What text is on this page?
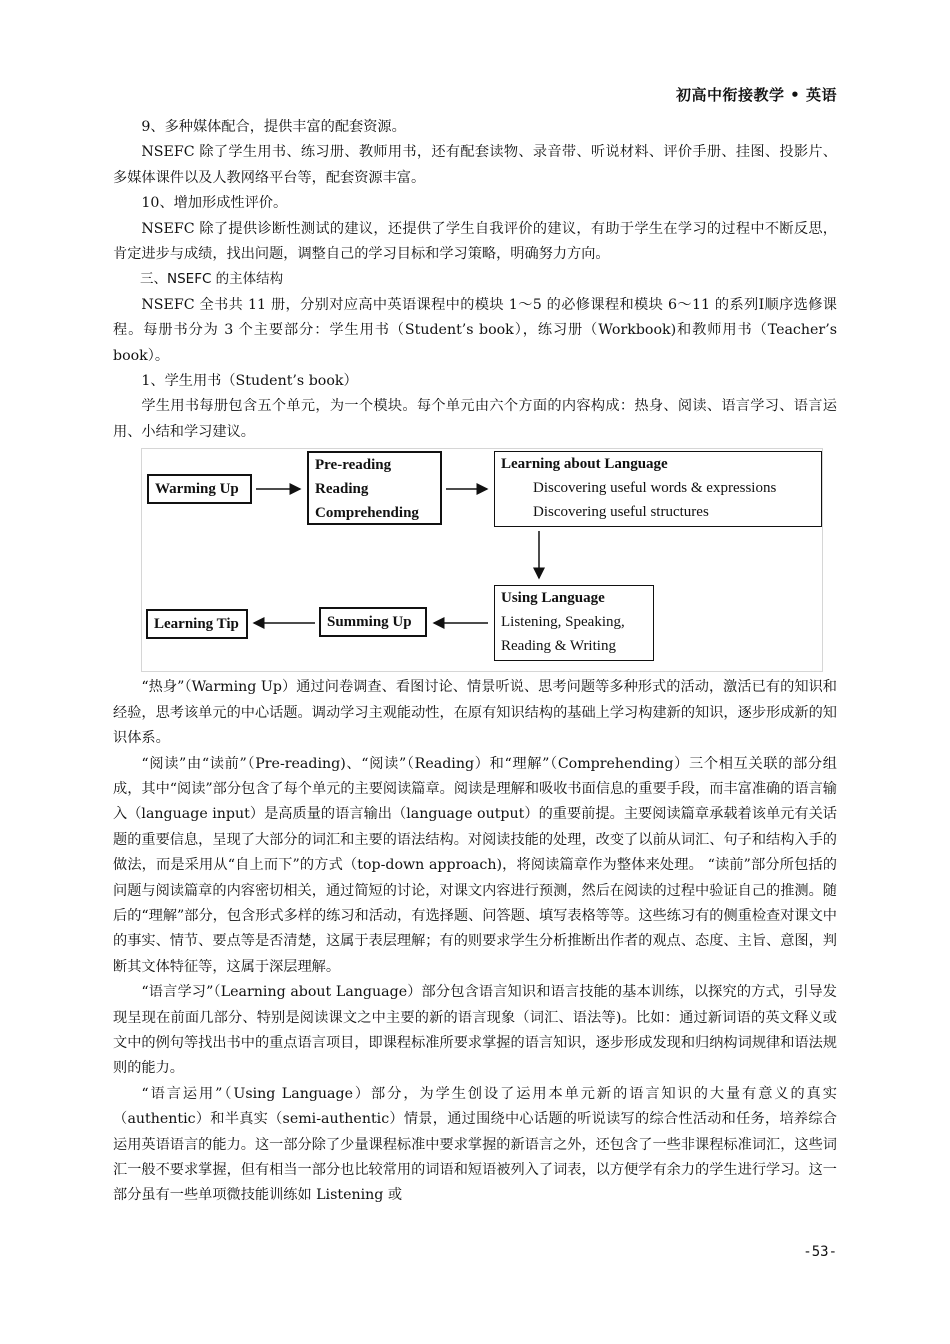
初高中衔接教学 • 英语

9、多种媒体配合，提供丰富的配套资源。

NSEFC 除了学生用书、练习册、教师用书，还有配套读物、录音带、听说材料、评价手册、挂图、投影片、多媒体课件以及人教网络平台等，配套资源丰富。

10、增加形成性评价。

NSEFC 除了提供诊断性测试的建议，还提供了学生自我评价的建议，有助于学生在学习的过程中不断反思，肯定进步与成绩，找出问题，调整自己的学习目标和学习策略，明确努力方向。

三、NSEFC 的主体结构

NSEFC 全书共 11 册，分别对应高中英语课程中的模块 1～5 的必修课程和模块 6～11 的系列Ⅰ顺序选修课程。每册书分为 3 个主要部分：学生用书（Student’s book），练习册（Workbook)和教师用书（Teacher’s book）。

1、学生用书（Student’s book）

学生用书每册包含五个单元，为一个模块。每个单元由六个方面的内容构成：热身、阅读、语言学习、语言运用、小结和学习建议。

Warming Up
Pre-reading
Reading
Comprehending
Learning about Language
Discovering useful words & expressions
Discovering useful structures
Using Language
Listening, Speaking,
Reading & Writing
Summing Up
Learning Tip

“热身”（Warming Up）通过问卷调查、看图讨论、情景听说、思考问题等多种形式的活动，激活已有的知识和经验，思考该单元的中心话题。调动学习主观能动性，在原有知识结构的基础上学习构建新的知识，逐步形成新的知识体系。

“阅读”由“读前”（Pre-reading)、“阅读”（Reading）和“理解”（Comprehending）三个相互关联的部分组成，其中“阅读”部分包含了每个单元的主要阅读篇章。阅读是理解和吸收书面信息的重要手段，而丰富准确的语言输入（language input）是高质量的语言输出（language output）的重要前提。主要阅读篇章承载着该单元有关话题的重要信息，呈现了大部分的词汇和主要的语法结构。对阅读技能的处理，改变了以前从词汇、句子和结构入手的做法，而是采用从“自上而下”的方式（top-down approach)，将阅读篇章作为整体来处理。 “读前”部分所包括的问题与阅读篇章的内容密切相关，通过简短的讨论，对课文内容进行预测，然后在阅读的过程中验证自己的推测。随后的“理解”部分，包含形式多样的练习和活动，有选择题、问答题、填写表格等等。这些练习有的侧重检查对课文中的事实、情节、要点等是否清楚，这属于表层理解；有的则要求学生分析推断出作者的观点、态度、主旨、意图，判断其文体特征等，这属于深层理解。

“语言学习”（Learning about Language）部分包含语言知识和语言技能的基本训练，以探究的方式，引导发现呈现在前面几部分、特别是阅读课文之中主要的新的语言现象（词汇、语法等)。比如：通过新词语的英文释义或文中的例句等找出书中的重点语言项目，即课程标准所要求掌握的语言知识，逐步形成发现和归纳构词规律和语法规则的能力。

“语言运用”（Using Language）部分，为学生创设了运用本单元新的语言知识的大量有意义的真实（authentic）和半真实（semi-authentic）情景，通过围绕中心话题的听说读写的综合性活动和任务，培养综合运用英语语言的能力。这一部分除了少量课程标准中要求掌握的新语言之外，还包含了一些非课程标准词汇，这些词汇一般不要求掌握，但有相当一部分也比较常用的词语和短语被列入了词表，以方便学有余力的学生进行学习。这一部分虽有一些单项微技能训练如 Listening 或

-53-
